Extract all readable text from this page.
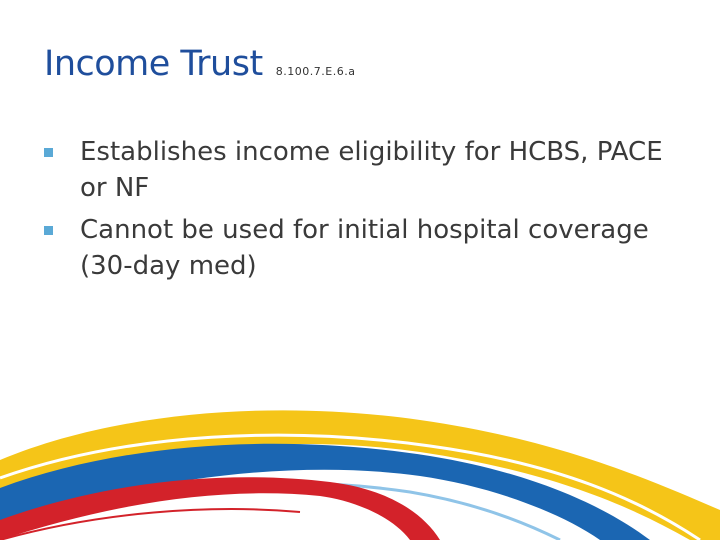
Income Trust 8.100.7.E.6.a
Establishes income eligibility for HCBS, PACE or NF
Cannot be used for initial hospital coverage (30-day med)
